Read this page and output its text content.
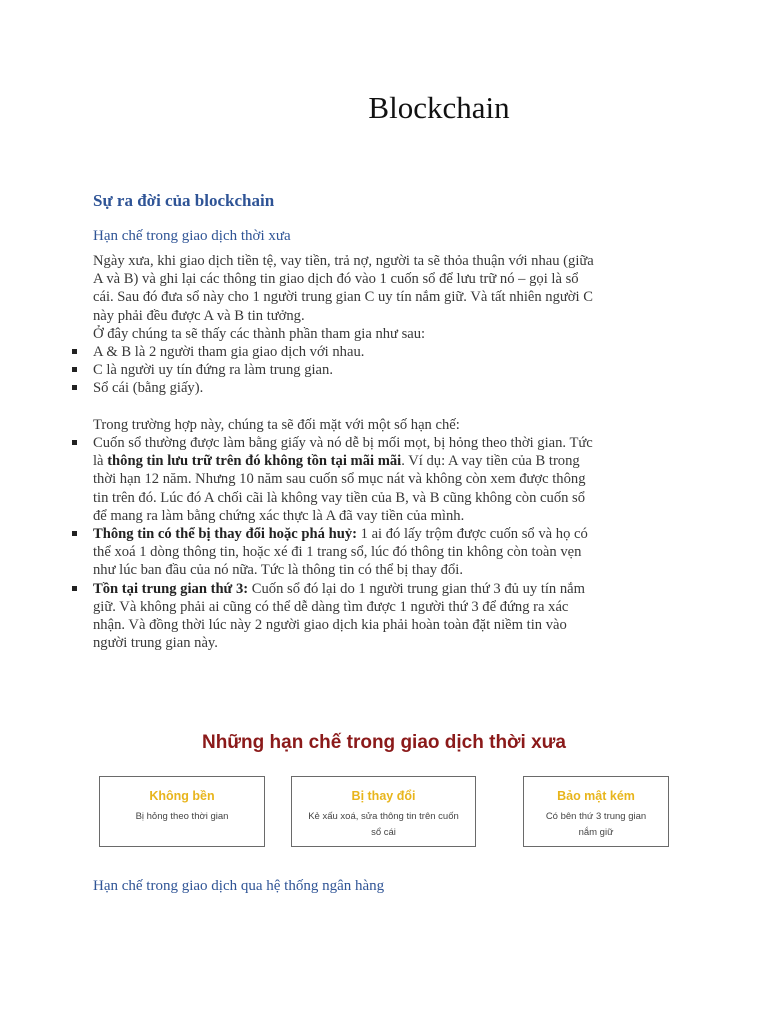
Blockchain
Sự ra đời của blockchain
Hạn chế trong giao dịch thời xưa

Ngày xưa, khi giao dịch tiền tệ, vay tiền, trả nợ, người ta sẽ thỏa thuận với nhau (giữa

A và B) và ghi lại các thông tin giao dịch đó vào 1 cuốn sổ để lưu trữ nó – gọi là sổ

cái. Sau đó đưa sổ này cho 1 người trung gian C uy tín nắm giữ. Và tất nhiên người C

này phải đều được A và B tin tưởng.

Ở đây chúng ta sẽ thấy các thành phần tham gia như sau:

A & B là 2 người tham gia giao dịch với nhau.
C là người uy tín đứng ra làm trung gian.
Sổ cái (bằng giấy).

Trong trường hợp này, chúng ta sẽ đối mặt với một số hạn chế:

Cuốn sổ thường được làm bằng giấy và nó dễ bị mối mọt, bị hỏng theo thời gian. Tức
là thông tin lưu trữ trên đó không tồn tại mãi mãi. Ví dụ: A vay tiền của B trong
thời hạn 12 năm. Nhưng 10 năm sau cuốn sổ mục nát và không còn xem được thông
tin trên đó. Lúc đó A chối cãi là không vay tiền của B, và B cũng không còn cuốn sổ
để mang ra làm bằng chứng xác thực là A đã vay tiền của mình.
Thông tin có thể bị thay đổi hoặc phá huỷ: 1 ai đó lấy trộm được cuốn sổ và họ có
thể xoá 1 dòng thông tin, hoặc xé đi 1 trang sổ, lúc đó thông tin không còn toàn vẹn
như lúc ban đầu của nó nữa. Tức là thông tin có thể bị thay đổi.
Tồn tại trung gian thứ 3: Cuốn sổ đó lại do 1 người trung gian thứ 3 đủ uy tín nắm
giữ. Và không phải ai cũng có thể dễ dàng tìm được 1 người thứ 3 để đứng ra xác
nhận. Và đồng thời lúc này 2 người giao dịch kia phải hoàn toàn đặt niềm tin vào
người trung gian này.
Những hạn chế trong giao dịch thời xưa
Không bền
Bị hỏng theo thời gian
Bị thay đổi
Kẻ xấu xoá, sửa thông tin trên cuốn sổ cái
Bảo mật kém
Có bên thứ 3 trung gian nắm giữ
Hạn chế trong giao dịch qua hệ thống ngân hàng
